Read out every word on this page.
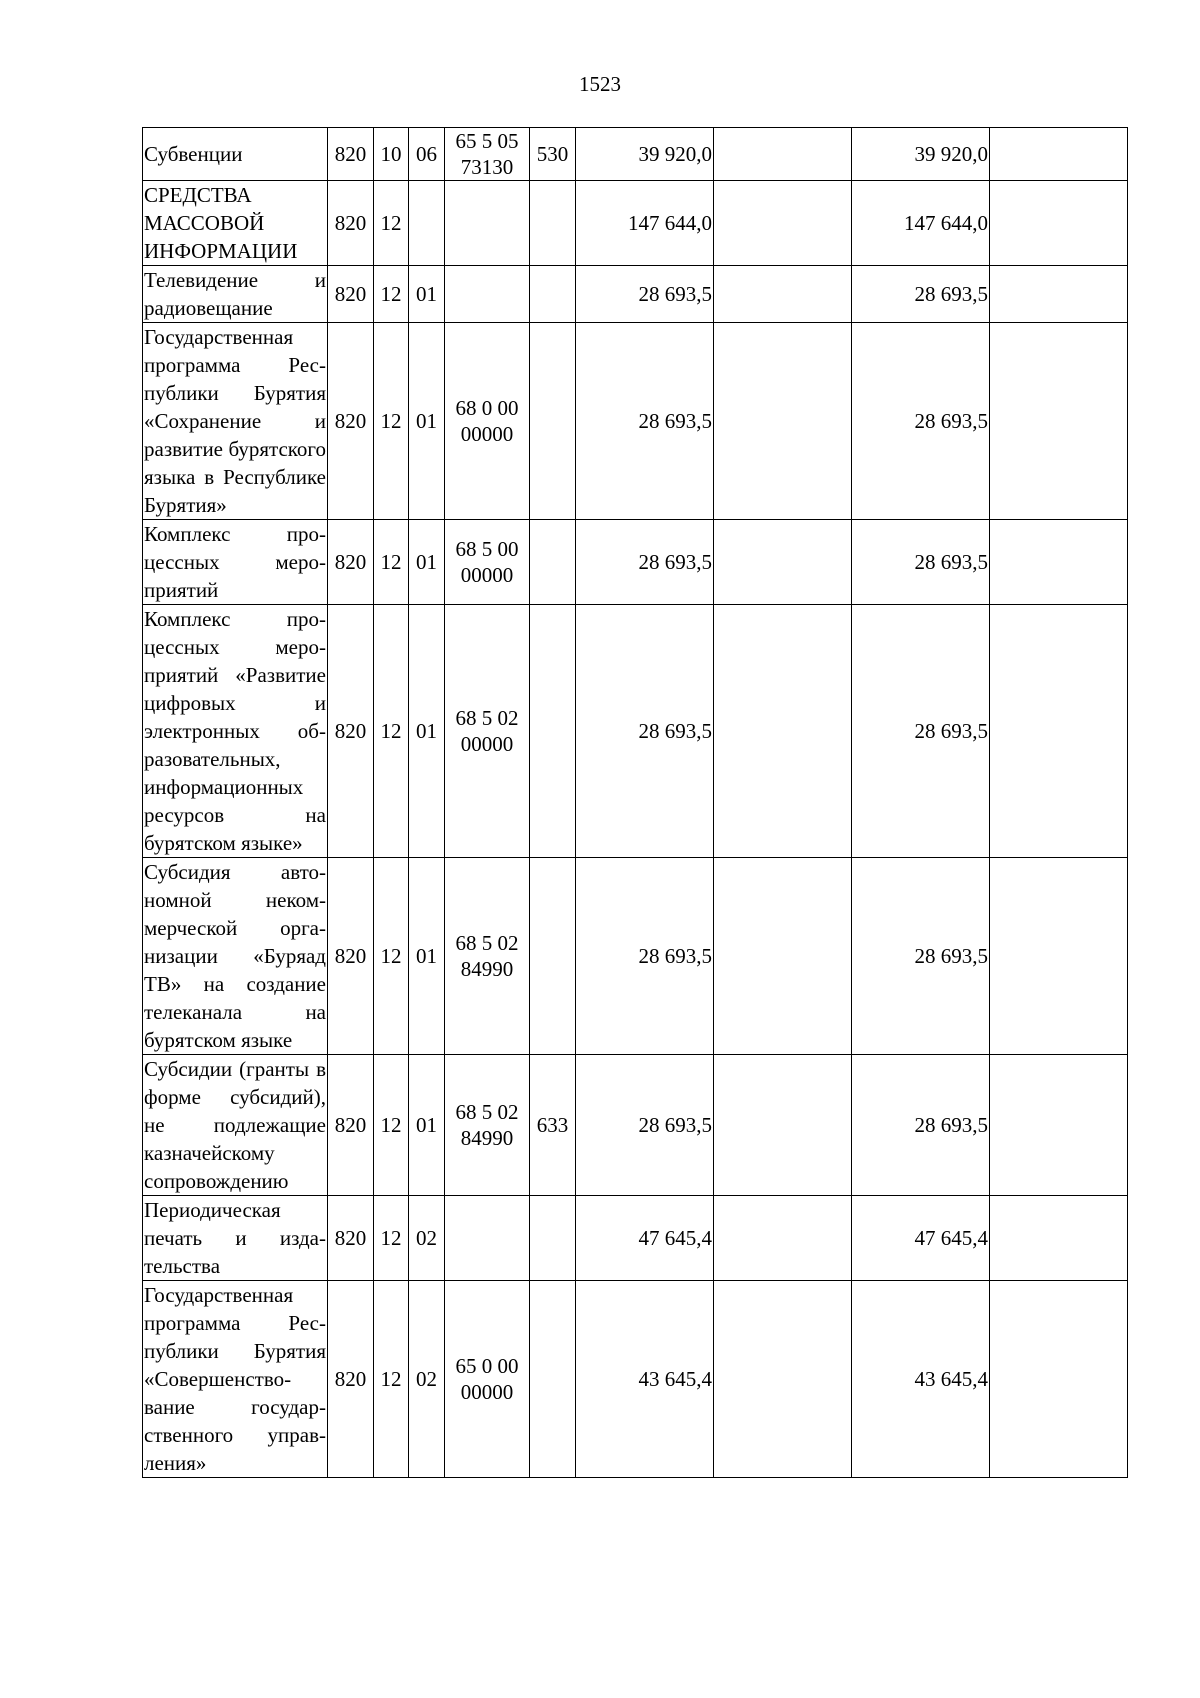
1523
Субвенции	820	10	06	65 5 05 73130	530	39 920,0		39 920,0	
СРЕДСТВА МАССОВОЙ ИНФОРМАЦИИ	820	12				147 644,0		147 644,0	
Телевидение и радиовещание	820	12	01			28 693,5		28 693,5	
Государственная программа Республики Бурятия «Сохранение и развитие бурятского языка в Республике Бурятия»	820	12	01	68 0 00 00000		28 693,5		28 693,5	
Комплекс процессных мероприятий	820	12	01	68 5 00 00000		28 693,5		28 693,5	
Комплекс процессных мероприятий «Развитие цифровых и электронных образовательных, информационных ресурсов на бурятском языке»	820	12	01	68 5 02 00000		28 693,5		28 693,5	
Субсидия автономной некоммерческой организации «Буряад ТВ» на создание телеканала на бурятском языке	820	12	01	68 5 02 84990		28 693,5		28 693,5	
Субсидии (гранты в форме субсидий), не подлежащие казначейскому сопровождению	820	12	01	68 5 02 84990	633	28 693,5		28 693,5	
Периодическая печать и издательства	820	12	02			47 645,4		47 645,4	
Государственная программа Республики Бурятия «Совершенствование государственного управления»	820	12	02	65 0 00 00000		43 645,4		43 645,4	
